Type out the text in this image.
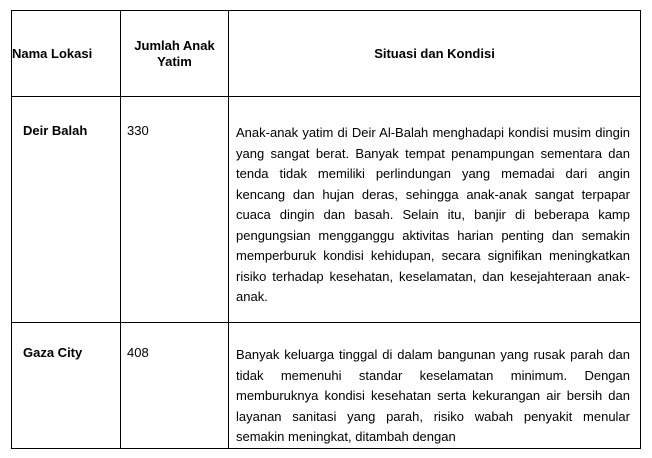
Nama Lokasi	Jumlah Anak Yatim	Situasi dan Kondisi

Deir Balah	330	Anak-anak yatim di Deir Al-Balah menghadapi kondisi musim dingin yang sangat berat. Banyak tempat penampungan sementara dan tenda tidak memiliki perlindungan yang memadai dari angin kencang dan hujan deras, sehingga anak-anak sangat terpapar cuaca dingin dan basah. Selain itu, banjir di beberapa kamp pengungsian mengganggu aktivitas harian penting dan semakin memperburuk kondisi kehidupan, secara signifikan meningkatkan risiko terhadap kesehatan, keselamatan, dan kesejahteraan anak-anak.

Gaza City	408	Banyak keluarga tinggal di dalam bangunan yang rusak parah dan tidak memenuhi standar keselamatan minimum. Dengan memburuknya kondisi kesehatan serta kekurangan air bersih dan layanan sanitasi yang parah, risiko wabah penyakit menular semakin meningkat, ditambah dengan
